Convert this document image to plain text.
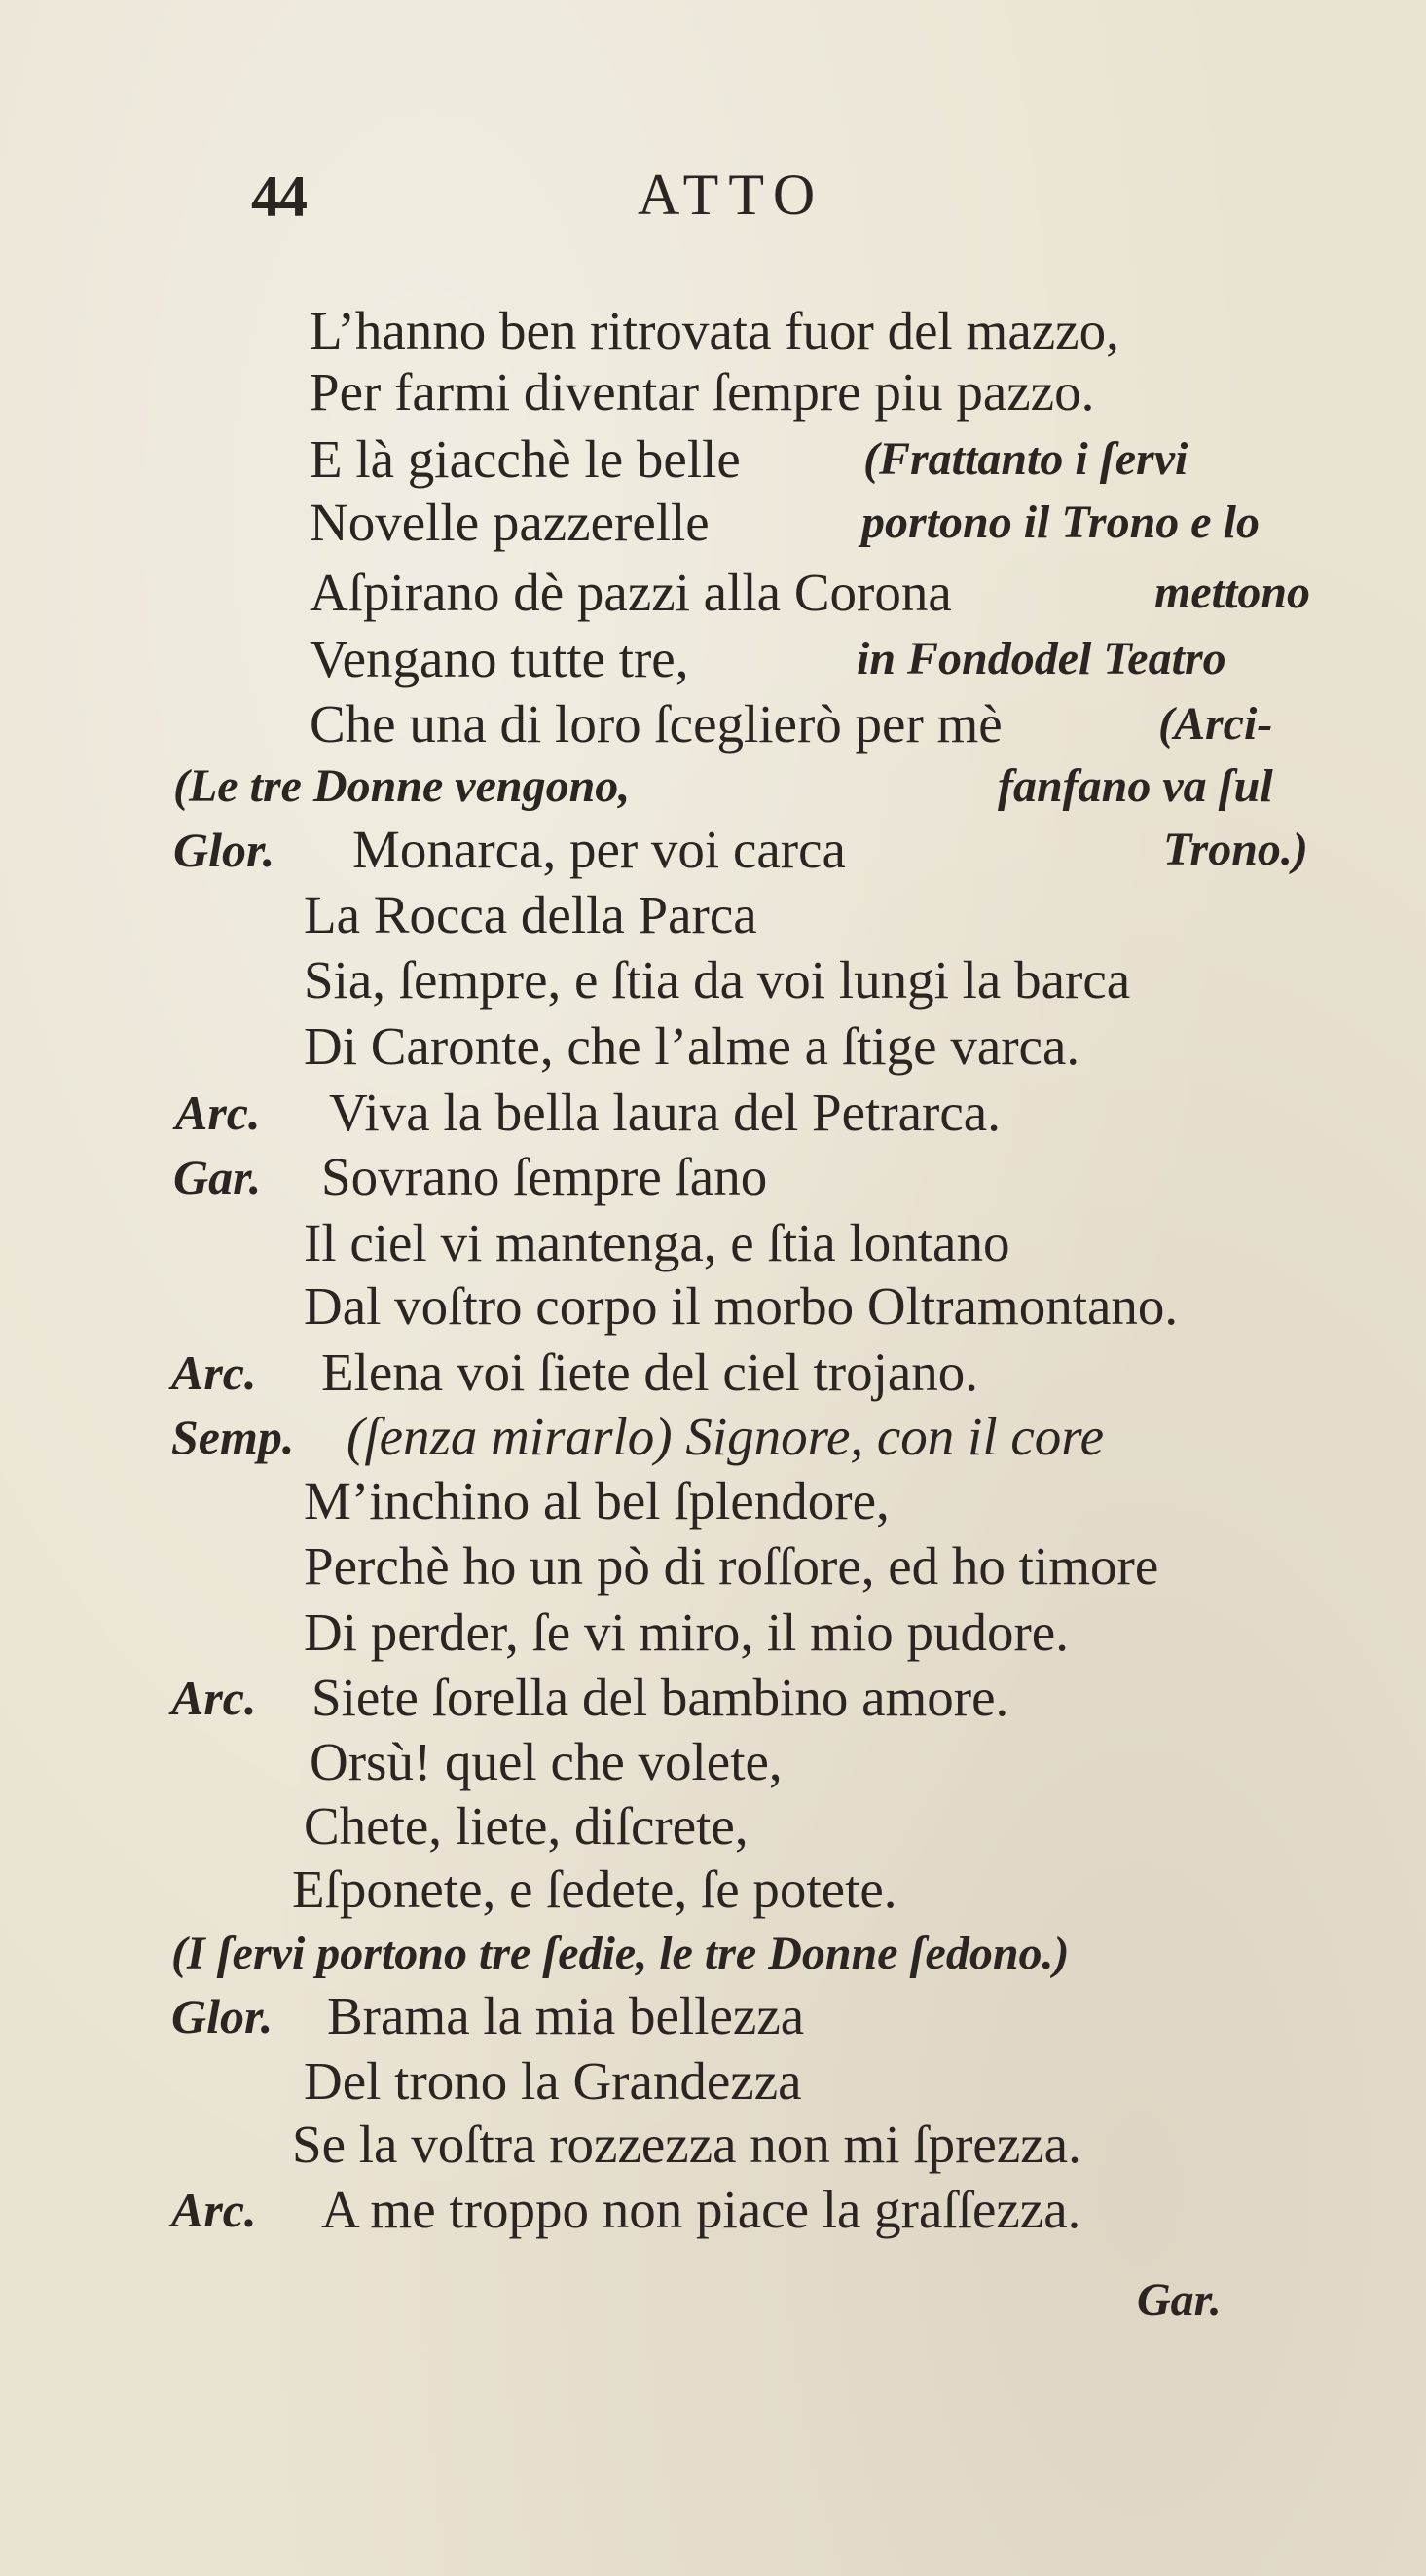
44	ATTO
L’hanno ben ritrovata fuor del mazzo,
Per farmi diventar ſempre piu pazzo.
E là giacchè le belle	(Frattanto i ſervi
Novelle pazzerelle	portono il Trono e lo
Aſpirano dè pazzi alla Corona	mettono
Vengano tutte tre,	in Fondodel Teatro
Che una di loro ſceglierò per mè	(Arci-
(Le tre Donne vengono,	fanfano va ſul
Glor. Monarca, per voi carca	Trono.)
La Rocca della Parca
Sia, ſempre, e ſtia da voi lungi la barca
Di Caronte, che l’alme a ſtige varca.
Arc. Viva la bella laura del Petrarca.
Gar. Sovrano ſempre ſano
Il ciel vi mantenga, e ſtia lontano
Dal voſtro corpo il morbo Oltramontano.
Arc. Elena voi ſiete del ciel trojano.
Semp. (ſenza mirarlo) Signore, con il core
M’inchino al bel ſplendore,
Perchè ho un pò di roſſore, ed ho timore
Di perder, ſe vi miro, il mio pudore.
Arc. Siete ſorella del bambino amore.
Orsù! quel che volete,
Chete, liete, diſcrete,
Eſponete, e ſedete, ſe potete.
(I ſervi portono tre ſedie, le tre Donne ſedono.)
Glor. Brama la mia bellezza
Del trono la Grandezza
Se la voſtra rozzezza non mi ſprezza.
Arc. A me troppo non piace la graſſezza.
Gar.
